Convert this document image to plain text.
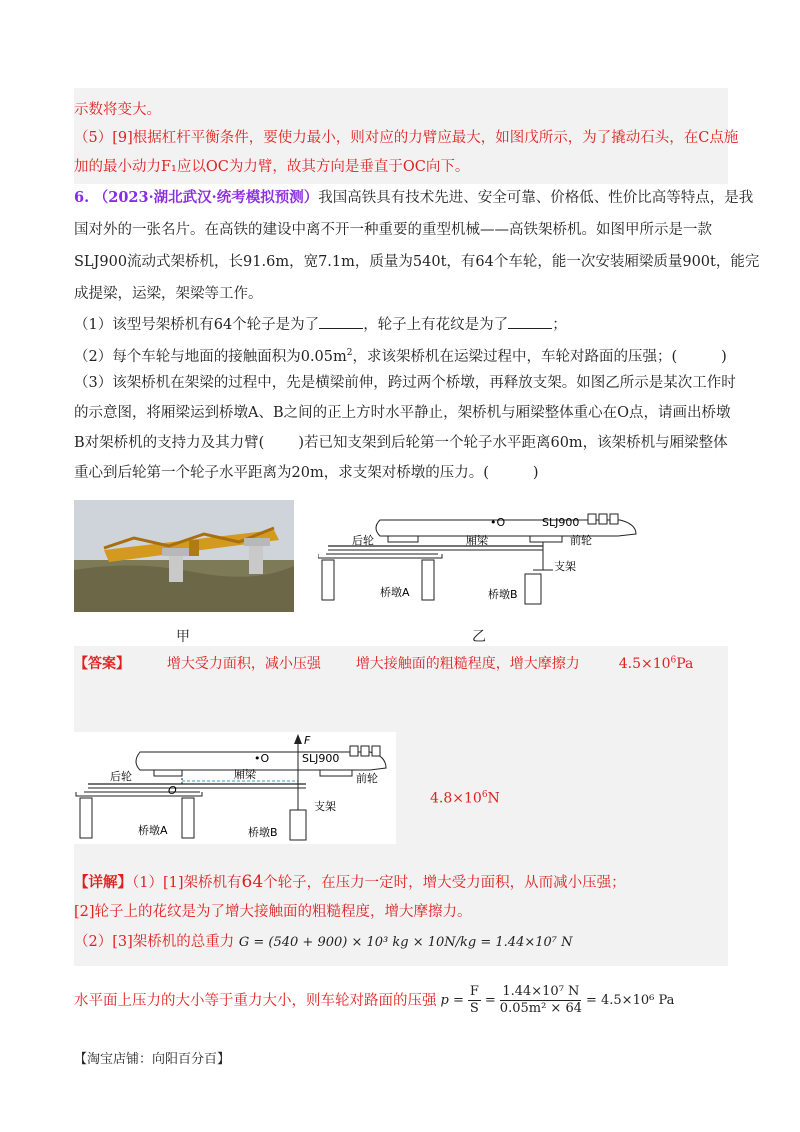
示数将变大。
（5）[9]根据杠杆平衡条件，要使力最小，则对应的力臂应最大，如图戊所示，为了撬动石头，在C点施
加的最小动力F₁应以OC为力臂，故其方向是垂直于OC向下。
6. （2023·湖北武汉·统考模拟预测）我国高铁具有技术先进、安全可靠、价格低、性价比高等特点，是我
国对外的一张名片。在高铁的建设中离不开一种重要的重型机械——高铁架桥机。如图甲所示是一款
SLJ900流动式架桥机，长91.6m，宽7.1m，质量为540t，有64个车轮，能一次安装厢梁质量900t，能完
成提梁，运梁，架梁等工作。
（1）该型号架桥机有64个轮子是为了	，轮子上有花纹是为了	；
（2）每个车轮与地面的接触面积为$0.05m^2$，求该架桥机在运梁过程中，车轮对路面的压强；(	)
（3）该架桥机在架梁的过程中，先是横梁前伸，跨过两个桥墩，再释放支架。如图乙所示是某次工作时
的示意图，将厢梁运到桥墩A、B之间的正上方时水平静止，架桥机与厢梁整体重心在O点，请画出桥墩
B对架桥机的支持力及其力臂( )若已知支架到后轮第一个轮子水平距离60m，该架桥机与厢梁整体
重心到后轮第一个轮子水平距离为20m，求支架对桥墩的压力。(	)
甲
•O	SLJ900
后轮	厢梁	前轮
支架
桥墩A	桥墩B
乙
【答案】	增大受力面积，减小压强 增大接触面的粗糙程度，增大摩擦力	$4.5\times 10^6Pa$
F
•O	SLJ900
后轮	厢梁	前轮
O
支架
桥墩A	桥墩B
$4.8\times 10^6N$
【详解】（1）[1]架桥机有64个轮子，在压力一定时，增大受力面积，从而减小压强；
[2]轮子上的花纹是为了增大接触面的粗糙程度，增大摩擦力。
（2）[3]架桥机的总重力 G = (540 + 900) × 10³ kg × 10N/kg = 1.44×10⁷ N
水平面上压力的大小等于重力大小，则车轮对路面的压强 $p = \frac{F}{S} = \frac{\text{1.44×10⁷ N}}{\text{0.05m² × 64}} = 4.5\times 10^6$ Pa
【淘宝店铺：向阳百分百】
